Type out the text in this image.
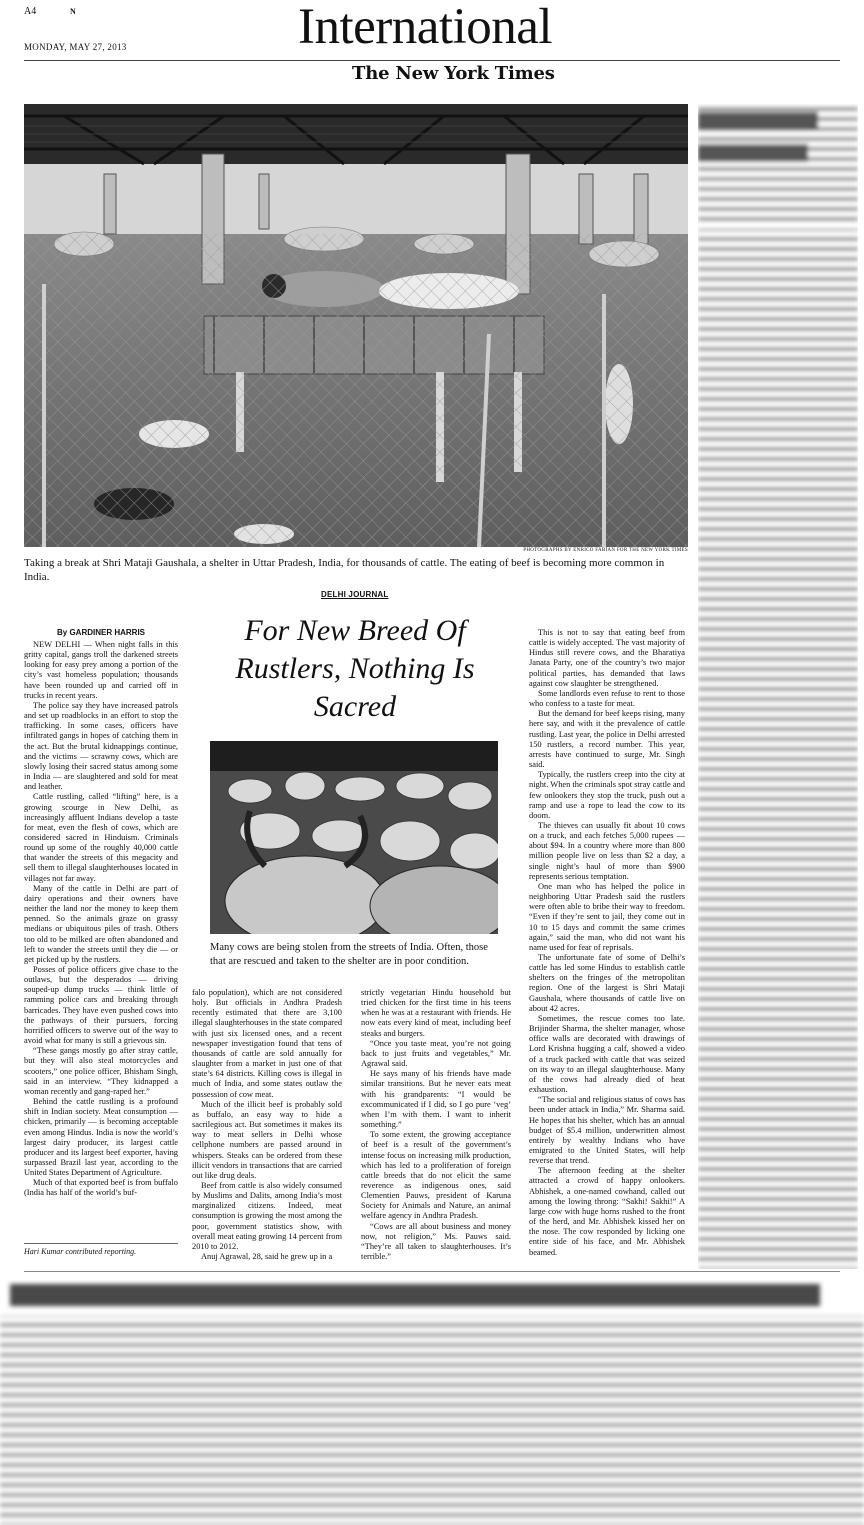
A4	N
MONDAY, MAY 27, 2013	International
The New York Times
PHOTOGRAPHS BY ENRICO FABIAN FOR THE NEW YORK TIMES
Taking a break at Shri Mataji Gaushala, a shelter in Uttar Pradesh, India, for thousands of cattle. The eating of beef is becoming more common in India.
DELHI JOURNAL
For New Breed Of Rustlers, Nothing Is Sacred
By GARDINER HARRIS
Many cows are being stolen from the streets of India. Often, those that are rescued and taken to the shelter are in poor condition.

NEW DELHI — When night falls in this gritty capital, gangs troll the darkened streets looking for easy prey among a portion of the city’s vast homeless population; thousands have been rounded up and carried off in trucks in recent years.

The police say they have increased patrols and set up roadblocks in an effort to stop the trafficking. In some cases, officers have infiltrated gangs in hopes of catching them in the act. But the brutal kidnappings continue, and the victims — scrawny cows, which are slowly losing their sacred status among some in India — are slaughtered and sold for meat and leather.

Cattle rustling, called “lifting” here, is a growing scourge in New Delhi, as increasingly affluent Indians develop a taste for meat, even the flesh of cows, which are considered sacred in Hinduism. Criminals round up some of the roughly 40,000 cattle that wander the streets of this megacity and sell them to illegal slaughterhouses located in villages not far away.

Many of the cattle in Delhi are part of dairy operations and their owners have neither the land nor the money to keep them penned. So the animals graze on grassy medians or ubiquitous piles of trash. Others too old to be milked are often abandoned and left to wander the streets until they die — or get picked up by the rustlers.

Posses of police officers give chase to the outlaws, but the desperados — driving souped-up dump trucks — think little of ramming police cars and breaking through barricades. They have even pushed cows into the pathways of their pursuers, forcing horrified officers to swerve out of the way to avoid what for many is still a grievous sin.

“These gangs mostly go after stray cattle, but they will also steal motorcycles and scooters,” one police officer, Bhisham Singh, said in an interview. “They kidnapped a woman recently and gang-raped her.”

Behind the cattle rustling is a profound shift in Indian society. Meat consumption — chicken, primarily — is becoming acceptable even among Hindus. India is now the world’s largest dairy producer, its largest cattle producer and its largest beef exporter, having surpassed Brazil last year, according to the United States Department of Agriculture.

Much of that exported beef is from buffalo (India has half of the world’s buf-

Hari Kumar contributed reporting.

falo population), which are not considered holy. But officials in Andhra Pradesh recently estimated that there are 3,100 illegal slaughterhouses in the state compared with just six licensed ones, and a recent newspaper investigation found that tens of thousands of cattle are sold annually for slaughter from a market in just one of that state’s 64 districts. Killing cows is illegal in much of India, and some states outlaw the possession of cow meat.

Much of the illicit beef is probably sold as buffalo, an easy way to hide a sacrilegious act. But sometimes it makes its way to meat sellers in Delhi whose cellphone numbers are passed around in whispers. Steaks can be ordered from these illicit vendors in transactions that are carried out like drug deals.

Beef from cattle is also widely consumed by Muslims and Dalits, among India’s most marginalized citizens. Indeed, meat consumption is growing the most among the poor, government statistics show, with overall meat eating growing 14 percent from 2010 to 2012.

Anuj Agrawal, 28, said he grew up in a

strictly vegetarian Hindu household but tried chicken for the first time in his teens when he was at a restaurant with friends. He now eats every kind of meat, including beef steaks and burgers.

“Once you taste meat, you’re not going back to just fruits and vegetables,” Mr. Agrawal said.

He says many of his friends have made similar transitions. But he never eats meat with his grandparents: “I would be excommunicated if I did, so I go pure ‘veg’ when I’m with them. I want to inherit something.”

To some extent, the growing acceptance of beef is a result of the government’s intense focus on increasing milk production, which has led to a proliferation of foreign cattle breeds that do not elicit the same reverence as indigenous ones, said Clementien Pauws, president of Karuna Society for Animals and Nature, an animal welfare agency in Andhra Pradesh.

“Cows are all about business and money now, not religion,” Ms. Pauws said. “They’re all taken to slaughterhouses. It’s terrible.”

This is not to say that eating beef from cattle is widely accepted. The vast majority of Hindus still revere cows, and the Bharatiya Janata Party, one of the country’s two major political parties, has demanded that laws against cow slaughter be strengthened.

Some landlords even refuse to rent to those who confess to a taste for meat.

But the demand for beef keeps rising, many here say, and with it the prevalence of cattle rustling. Last year, the police in Delhi arrested 150 rustlers, a record number. This year, arrests have continued to surge, Mr. Singh said.

Typically, the rustlers creep into the city at night. When the criminals spot stray cattle and few onlookers they stop the truck, push out a ramp and use a rope to lead the cow to its doom.

The thieves can usually fit about 10 cows on a truck, and each fetches 5,000 rupees — about $94. In a country where more than 800 million people live on less than $2 a day, a single night’s haul of more than $900 represents serious temptation.

One man who has helped the police in neighboring Uttar Pradesh said the rustlers were often able to bribe their way to freedom. “Even if they’re sent to jail, they come out in 10 to 15 days and commit the same crimes again,” said the man, who did not want his name used for fear of reprisals.

The unfortunate fate of some of Delhi’s cattle has led some Hindus to establish cattle shelters on the fringes of the metropolitan region. One of the largest is Shri Mataji Gaushala, where thousands of cattle live on about 42 acres.

Sometimes, the rescue comes too late. Brijinder Sharma, the shelter manager, whose office walls are decorated with drawings of Lord Krishna hugging a calf, showed a video of a truck packed with cattle that was seized on its way to an illegal slaughterhouse. Many of the cows had already died of heat exhaustion.

“The social and religious status of cows has been under attack in India,” Mr. Sharma said. He hopes that his shelter, which has an annual budget of $5.4 million, underwritten almost entirely by wealthy Indians who have emigrated to the United States, will help reverse that trend.

The afternoon feeding at the shelter attracted a crowd of happy onlookers. Abhishek, a one-named cowhand, called out among the lowing throng: “Sakhi! Sakhi!” A large cow with huge horns rushed to the front of the herd, and Mr. Abhishek kissed her on the nose. The cow responded by licking one entire side of his face, and Mr. Abhishek beamed.
